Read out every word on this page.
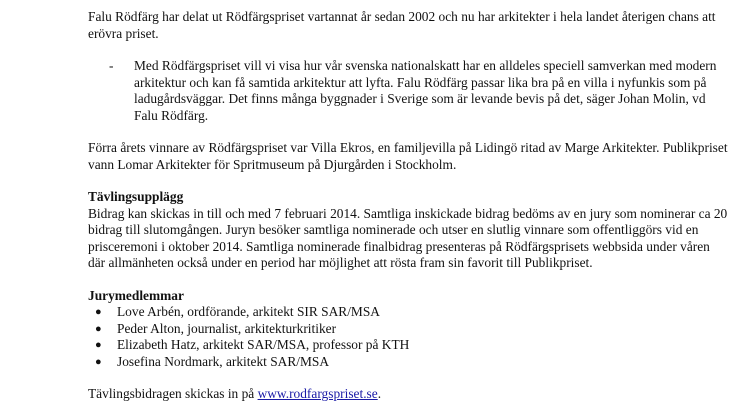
Falu Rödfärg har delat ut Rödfärgspriset vartannat år sedan 2002 och nu har arkitekter i hela landet återigen chans att erövra priset.

- Med Rödfärgspriset vill vi visa hur vår svenska nationalskatt har en alldeles speciell samverkan med modern arkitektur och kan få samtida arkitektur att lyfta. Falu Rödfärg passar lika bra på en villa i nyfunkis som på ladugårdsväggar. Det finns många byggnader i Sverige som är levande bevis på det, säger Johan Molin, vd Falu Rödfärg.

Förra årets vinnare av Rödfärgspriset var Villa Ekros, en familjevilla på Lidingö ritad av Marge Arkitekter. Publikpriset vann Lomar Arkitekter för Spritmuseum på Djurgården i Stockholm.

Tävlingsupplägg

Bidrag kan skickas in till och med 7 februari 2014. Samtliga inskickade bidrag bedöms av en jury som nominerar ca 20 bidrag till slutomgången. Juryn besöker samtliga nominerade och utser en slutlig vinnare som offentliggörs vid en prisceremoni i oktober 2014. Samtliga nominerade finalbidrag presenteras på Rödfärgsprisets webbsida under våren där allmänheten också under en period har möjlighet att rösta fram sin favorit till Publikpriset.

Jurymedlemmar

● Love Arbén, ordförande, arkitekt SIR SAR/MSA
● Peder Alton, journalist, arkitekturkritiker
● Elizabeth Hatz, arkitekt SAR/MSA, professor på KTH
● Josefina Nordmark, arkitekt SAR/MSA

Tävlingsbidragen skickas in på www.rodfargspriset.se.
